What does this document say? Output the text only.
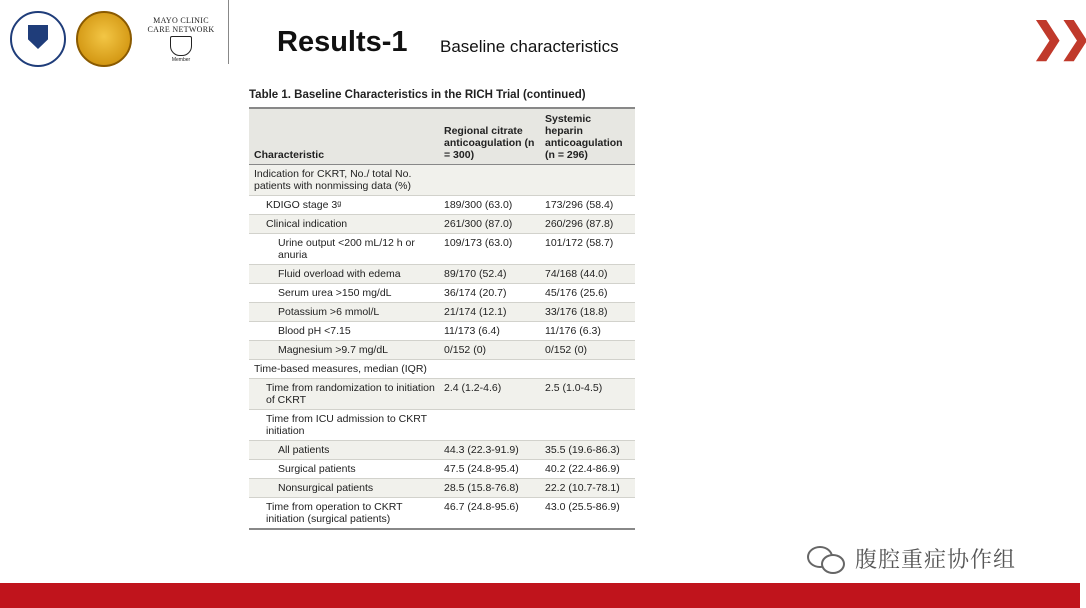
MAYO CLINIC
CARE NETWORK
Member
Results-1 Baseline characteristics	❯❯
Table 1. Baseline Characteristics in the RICH Trial (continued)
Characteristic	Regional citrate anticoagulation (n = 300)	Systemic heparin anticoagulation (n = 296)
Indication for CKRT, No./ total No. patients with nonmissing data (%)		
KDIGO stage 3ᵍ	189/300 (63.0)	173/296 (58.4)
Clinical indication	261/300 (87.0)	260/296 (87.8)
Urine output <200 mL/12 h or anuria	109/173 (63.0)	101/172 (58.7)
Fluid overload with edema	89/170 (52.4)	74/168 (44.0)
Serum urea >150 mg/dL	36/174 (20.7)	45/176 (25.6)
Potassium >6 mmol/L	21/174 (12.1)	33/176 (18.8)
Blood pH <7.15	11/173 (6.4)	11/176 (6.3)
Magnesium >9.7 mg/dL	0/152 (0)	0/152 (0)
Time-based measures, median (IQR)		
Time from randomization to initiation of CKRT	2.4 (1.2-4.6)	2.5 (1.0-4.5)
Time from ICU admission to CKRT initiation		
All patients	44.3 (22.3-91.9)	35.5 (19.6-86.3)
Surgical patients	47.5 (24.8-95.4)	40.2 (22.4-86.9)
Nonsurgical patients	28.5 (15.8-76.8)	22.2 (10.7-78.1)
Time from operation to CKRT initiation (surgical patients)	46.7 (24.8-95.6)	43.0 (25.5-86.9)
腹腔重症协作组
